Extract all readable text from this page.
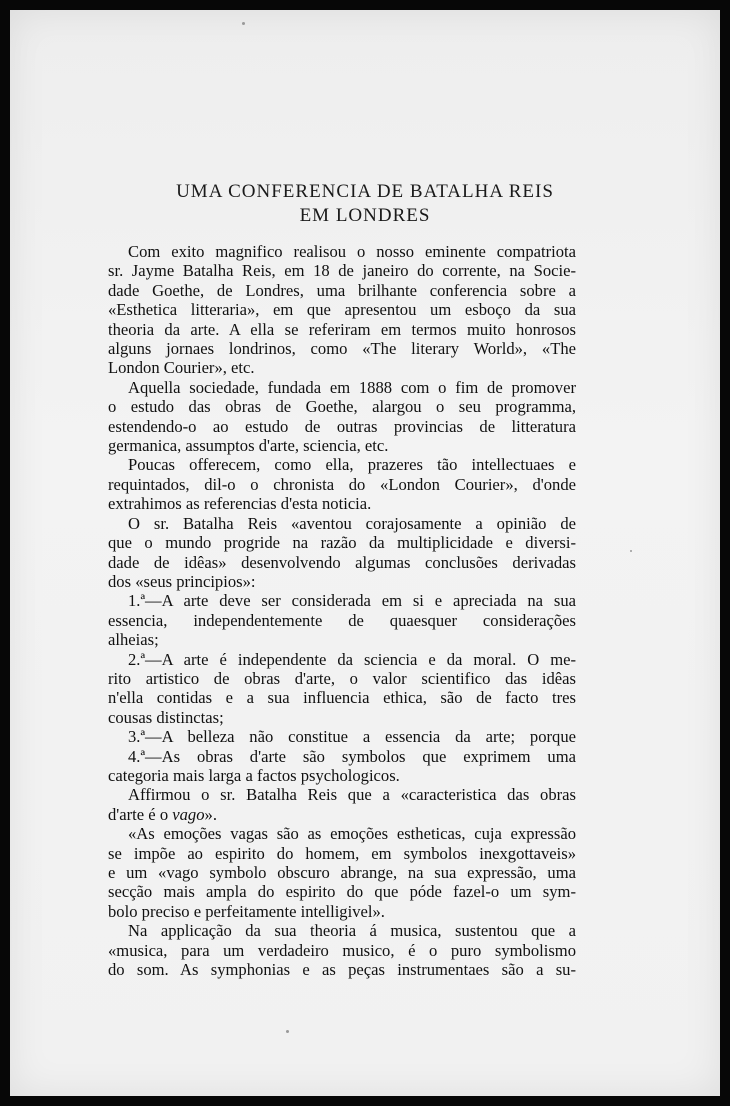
UMA CONFERENCIA DE BATALHA REIS
EM LONDRES
Com exito magnifico realisou o nosso eminente compatriota
sr. Jayme Batalha Reis, em 18 de janeiro do corrente, na Socie-
dade Goethe, de Londres, uma brilhante conferencia sobre a
«Esthetica litteraria», em que apresentou um esboço da sua
theoria da arte. A ella se referiram em termos muito honrosos
alguns jornaes londrinos, como «The literary World», «The
London Courier», etc.
Aquella sociedade, fundada em 1888 com o fim de promover
o estudo das obras de Goethe, alargou o seu programma,
estendendo-o ao estudo de outras provincias de litteratura
germanica, assumptos d'arte, sciencia, etc.
Poucas offerecem, como ella, prazeres tão intellectuaes e
requintados, dil-o o chronista do «London Courier», d'onde
extrahimos as referencias d'esta noticia.
O sr. Batalha Reis «aventou corajosamente a opinião de
que o mundo progride na razão da multiplicidade e diversi-
dade de idêas» desenvolvendo algumas conclusões derivadas
dos «seus principios»:
1.ª—A arte deve ser considerada em si e apreciada na sua
essencia, independentemente de quaesquer considerações
alheias;
2.ª—A arte é independente da sciencia e da moral. O me-
rito artistico de obras d'arte, o valor scientifico das idêas
n'ella contidas e a sua influencia ethica, são de facto tres
cousas distinctas;
3.ª—A belleza não constitue a essencia da arte; porque
4.ª—As obras d'arte são symbolos que exprimem uma
categoria mais larga a factos psychologicos.
Affirmou o sr. Batalha Reis que a «caracteristica das obras
d'arte é o vago».
«As emoções vagas são as emoções estheticas, cuja expressão
se impõe ao espirito do homem, em symbolos inexgottaveis»
e um «vago symbolo obscuro abrange, na sua expressão, uma
secção mais ampla do espirito do que póde fazel-o um sym-
bolo preciso e perfeitamente intelligivel».
Na applicação da sua theoria á musica, sustentou que a
«musica, para um verdadeiro musico, é o puro symbolismo
do som. As symphonias e as peças instrumentaes são a su-
